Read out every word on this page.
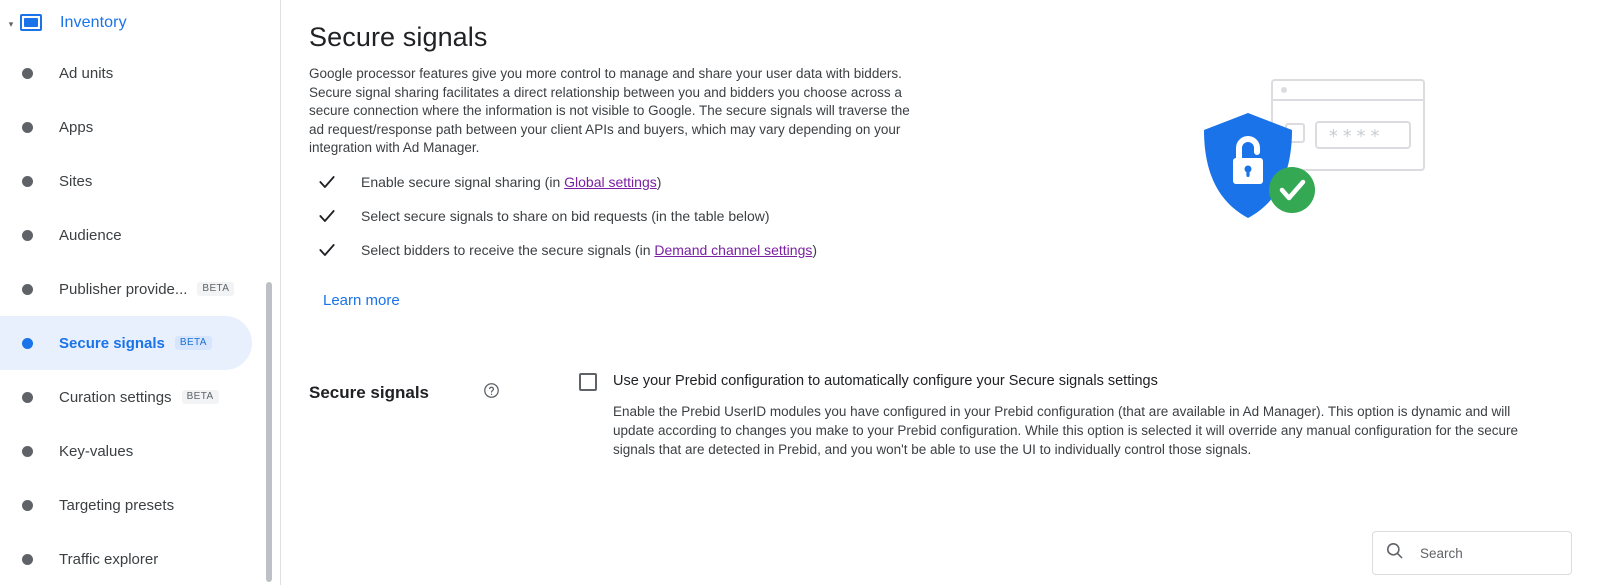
▾	Inventory
Ad units
Apps
Sites
Audience
Publisher provide...	BETA
Secure signals	BETA
Curation settings	BETA
Key-values
Targeting presets
Traffic explorer
Secure signals
Google processor features give you more control to manage and share your user data with bidders. Secure signal sharing facilitates a direct relationship between you and bidders you choose across a secure connection where the information is not visible to Google. The secure signals will traverse the ad request/response path between your client APIs and buyers, which may vary depending on your integration with Ad Manager.
Enable secure signal sharing (in Global settings)
Select secure signals to share on bid requests (in the table below)
Select bidders to receive the secure signals (in Demand channel settings)
Learn more
****
Secure signals
Use your Prebid configuration to automatically configure your Secure signals settings
Enable the Prebid UserID modules you have configured in your Prebid configuration (that are available in Ad Manager). This option is dynamic and will update according to changes you make to your Prebid configuration. While this option is selected it will override any manual configuration for the secure signals that are detected in Prebid, and you won't be able to use the UI to individually control those signals.
Search
